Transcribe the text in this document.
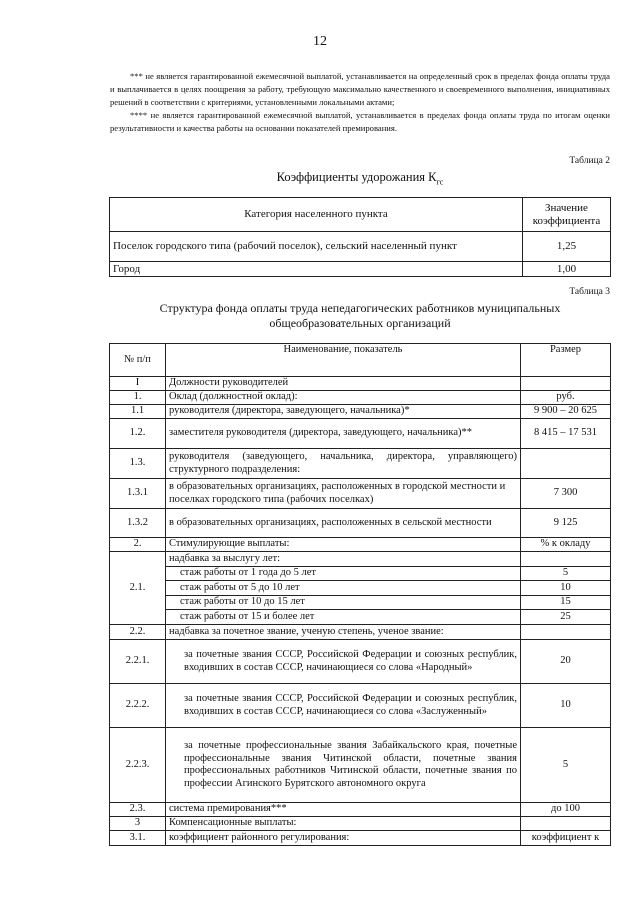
12

*** не является гарантированной ежемесячной выплатой, устанавливается на определенный срок в пределах фонда оплаты труда и выплачивается в целях поощрения за работу, требующую максимально качественного и своевременного выполнения, инициативных решений в соответствии с критериями, установленными локальными актами;

**** не является гарантированной ежемесячной выплатой, устанавливается в пределах фонда оплаты труда по итогам оценки результативности и качества работы на основании показателей премирования.

Таблица 2
Коэффициенты удорожания $К_{гс}$
Категория населенного пункта	Значение коэффициента
Поселок городского типа (рабочий поселок), сельский населенный пункт	1,25
Город	1,00
Таблица 3
Структура фонда оплаты труда непедагогических работников муниципальных общеобразовательных организаций
№ п/п	Наименование, показатель	Размер
I	Должности руководителей	
1.	Оклад (должностной оклад):	руб.
1.1	руководителя (директора, заведующего, начальника)*	9 900 – 20 625
1.2.	заместителя руководителя (директора, заведующего, начальника)**	8 415 – 17 531
1.3.	руководителя (заведующего, начальника, директора, управляющего) структурного подразделения:	
1.3.1	в образовательных организациях, расположенных в городской местности и поселках городского типа (рабочих поселках)	7 300
1.3.2	в образовательных организациях, расположенных в сельской местности	9 125
2.	Стимулирующие выплаты:	% к окладу
2.1.	надбавка за выслугу лет:	
	стаж работы от 1 года до 5 лет	5
	стаж работы от 5 до 10 лет	10
	стаж работы от 10 до 15 лет	15
	стаж работы от 15 и более лет	25
2.2.	надбавка за почетное звание, ученую степень, ученое звание:	
2.2.1.	за почетные звания СССР, Российской Федерации и союзных республик, входивших в состав СССР, начинающиеся со слова «Народный»	20
2.2.2.	за почетные звания СССР, Российской Федерации и союзных республик, входивших в состав СССР, начинающиеся со слова «Заслуженный»	10
2.2.3.	за почетные профессиональные звания Забайкальского края, почетные профессиональные звания Читинской области, почетные звания профессиональных работников Читинской области, почетные звания по профессии Агинского Бурятского автономного округа	5
2.3.	система премирования***	до 100
3	Компенсационные выплаты:	
3.1.	коэффициент районного регулирования:	коэффициент к
